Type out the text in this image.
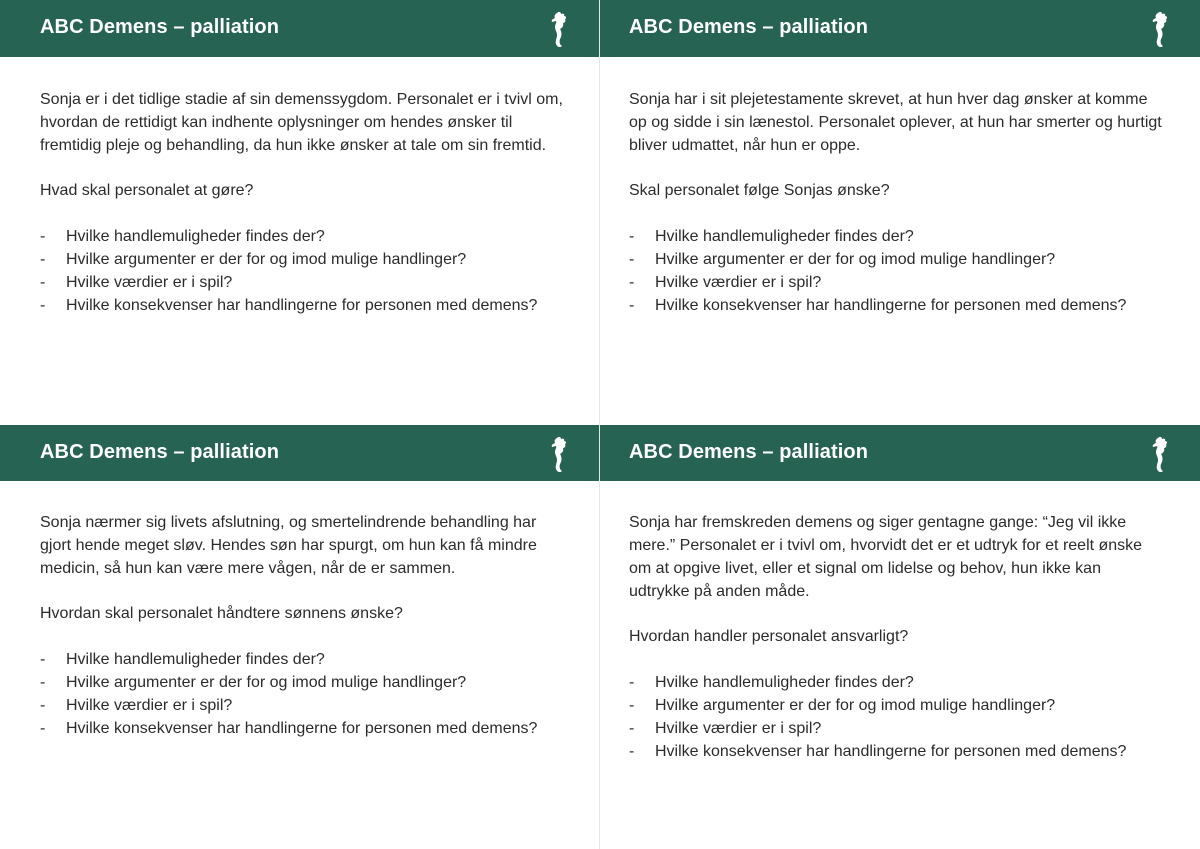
ABC Demens – palliation

Sonja er i det tidlige stadie af sin demenssygdom. Personalet er i tvivl om, hvordan de rettidigt kan indhente oplysninger om hendes ønsker til fremtidig pleje og behandling, da hun ikke ønsker at tale om sin fremtid.

Hvad skal personalet at gøre?

- Hvilke handlemuligheder findes der?
- Hvilke argumenter er der for og imod mulige handlinger?
- Hvilke værdier er i spil?
- Hvilke konsekvenser har handlingerne for personen med demens?
ABC Demens – palliation

Sonja har i sit plejetestamente skrevet, at hun hver dag ønsker at komme op og sidde i sin lænestol. Personalet oplever, at hun har smerter og hurtigt bliver udmattet, når hun er oppe.

Skal personalet følge Sonjas ønske?

- Hvilke handlemuligheder findes der?
- Hvilke argumenter er der for og imod mulige handlinger?
- Hvilke værdier er i spil?
- Hvilke konsekvenser har handlingerne for personen med demens?
ABC Demens – palliation

Sonja nærmer sig livets afslutning, og smertelindrende behandling har gjort hende meget sløv. Hendes søn har spurgt, om hun kan få mindre medicin, så hun kan være mere vågen, når de er sammen.

Hvordan skal personalet håndtere sønnens ønske?

- Hvilke handlemuligheder findes der?
- Hvilke argumenter er der for og imod mulige handlinger?
- Hvilke værdier er i spil?
- Hvilke konsekvenser har handlingerne for personen med demens?
ABC Demens – palliation

Sonja har fremskreden demens og siger gentagne gange: “Jeg vil ikke mere.” Personalet er i tvivl om, hvorvidt det er et udtryk for et reelt ønske om at opgive livet, eller et signal om lidelse og behov, hun ikke kan udtrykke på anden måde.

Hvordan handler personalet ansvarligt?

- Hvilke handlemuligheder findes der?
- Hvilke argumenter er der for og imod mulige handlinger?
- Hvilke værdier er i spil?
- Hvilke konsekvenser har handlingerne for personen med demens?
